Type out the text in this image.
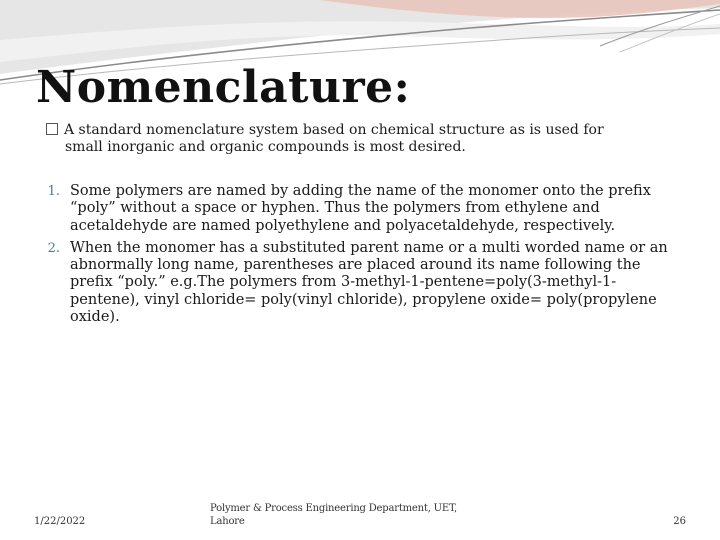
Nomenclature:
A standard nomenclature system based on chemical structure as is used for
small inorganic and organic compounds is most desired.
1. Some polymers are named by adding the name of the monomer onto the prefix “poly” without a space or hyphen. Thus the polymers from ethylene and acetaldehyde are named polyethylene and polyacetaldehyde, respectively.
2. When the monomer has a substituted parent name or a multi worded name or an abnormally long name, parentheses are placed around its name following the prefix “poly.” e.g.The polymers from 3-methyl-1-pentene=poly(3-methyl-1-pentene), vinyl chloride= poly(vinyl chloride), propylene oxide= poly(propylene oxide).
1/22/2022
Polymer & Process Engineering Department, UET, Lahore	26
